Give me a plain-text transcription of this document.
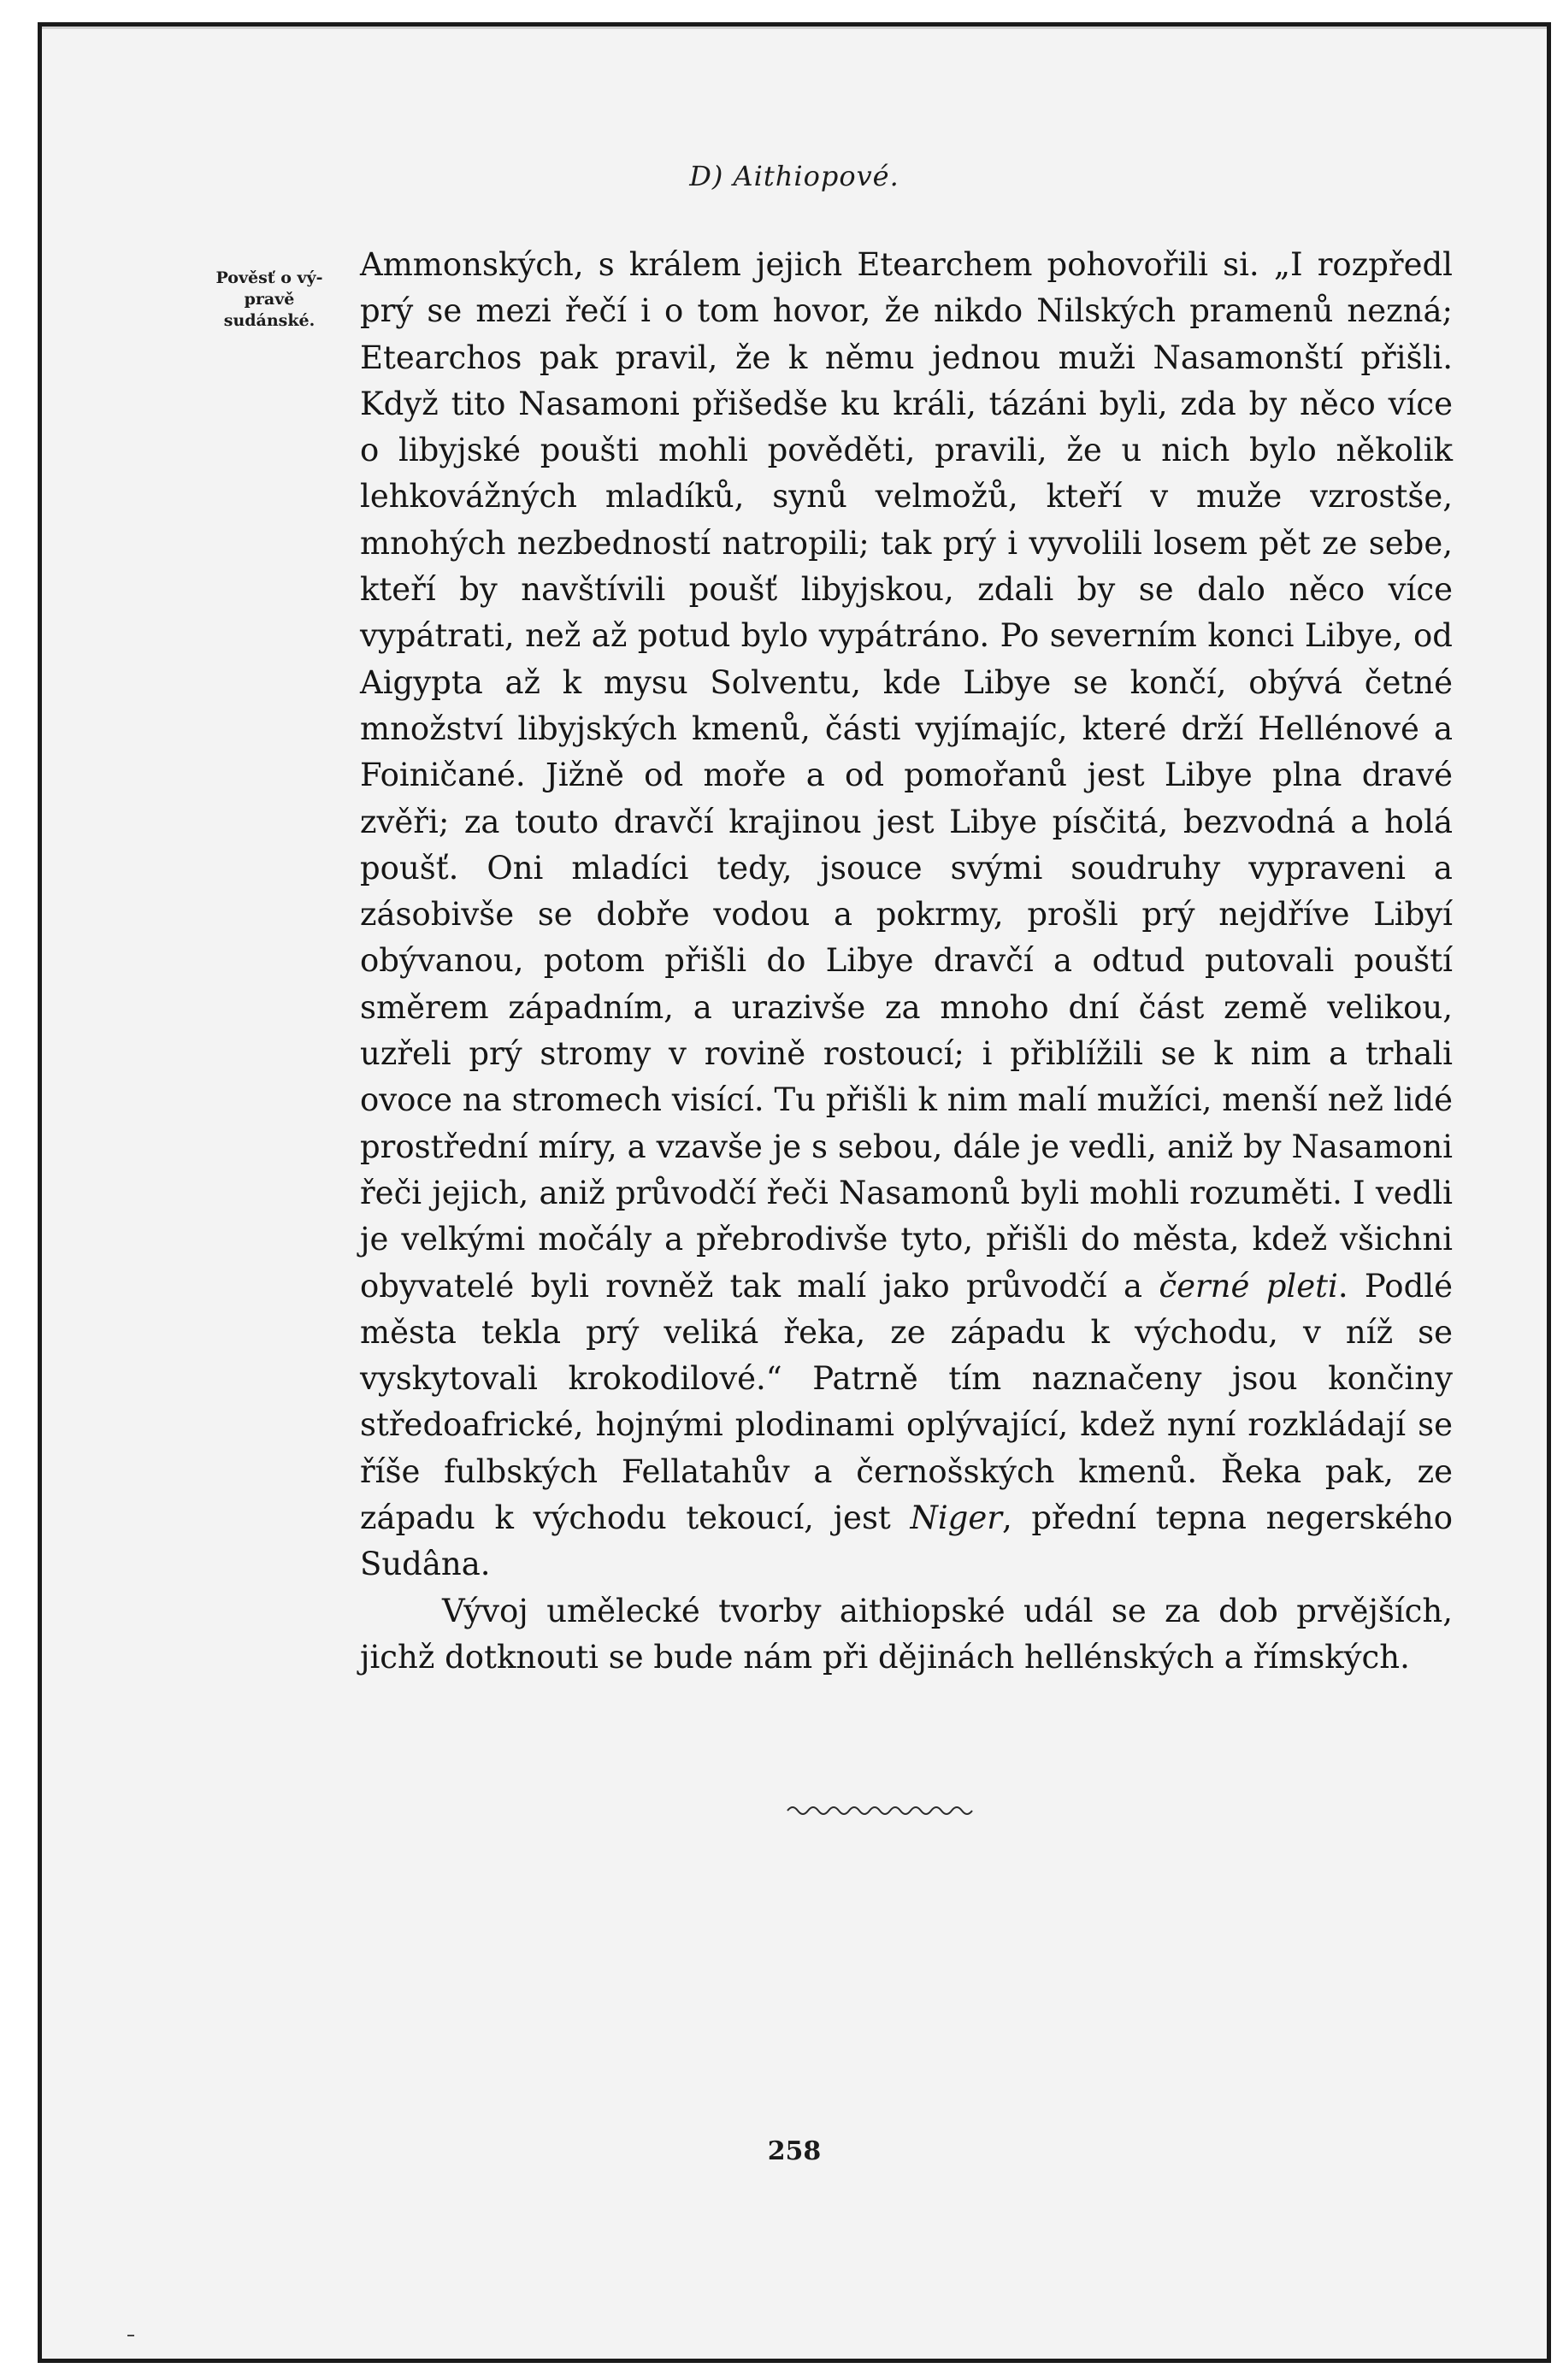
D) Aithiopové.
Pověsť o vý-
pravě
sudánské.

Ammonských, s králem jejich Etearchem pohovořili si. „I rozpředl prý se mezi řečí i o tom hovor, že nikdo Nilských pramenů nezná; Etearchos pak pravil, že k němu jednou muži Nasamonští přišli. Když tito Nasamoni přišedše ku králi, tázáni byli, zda by něco více o libyjské poušti mohli pověděti, pravili, že u nich bylo několik lehkovážných mladíků, synů velmožů, kteří v muže vzrostše, mnohých nezbedností natropili; tak prý i vyvolili losem pět ze sebe, kteří by navštívili poušť libyjskou, zdali by se dalo něco více vypátrati, než až potud bylo vypátráno. Po severním konci Libye, od Aigypta až k mysu Solventu, kde Libye se končí, obývá četné množství libyjských kmenů, části vyjímajíc, které drží Hellénové a Foiničané. Jižně od moře a od pomořanů jest Libye plna dravé zvěři; za touto dravčí krajinou jest Libye písčitá, bezvodná a holá poušť. Oni mladíci tedy, jsouce svými soudruhy vypraveni a zásobivše se dobře vodou a pokrmy, prošli prý nejdříve Libyí obývanou, potom přišli do Libye dravčí a odtud putovali pouští směrem západním, a urazivše za mnoho dní část země velikou, uzřeli prý stromy v rovině rostoucí; i přiblížili se k nim a trhali ovoce na stromech visící. Tu přišli k nim malí mužíci, menší než lidé prostřední míry, a vzavše je s sebou, dále je vedli, aniž by Nasamoni řeči jejich, aniž průvodčí řeči Nasamonů byli mohli rozuměti. I vedli je velkými močály a přebrodivše tyto, přišli do města, kdež všichni obyvatelé byli rovněž tak malí jako průvodčí a černé pleti. Podlé města tekla prý veliká řeka, ze západu k východu, v níž se vyskytovali krokodilové.“ Patrně tím naznačeny jsou končiny středoafrické, hojnými plodinami oplývající, kdež nyní rozkládají se říše fulbských Fellatahův a černošských kmenů. Řeka pak, ze západu k východu tekoucí, jest Niger, přední tepna negerského Sudâna.

Vývoj umělecké tvorby aithiopské udál se za dob prvějších, jichž dotknouti se bude nám při dějinách hellénských a římských.

258
